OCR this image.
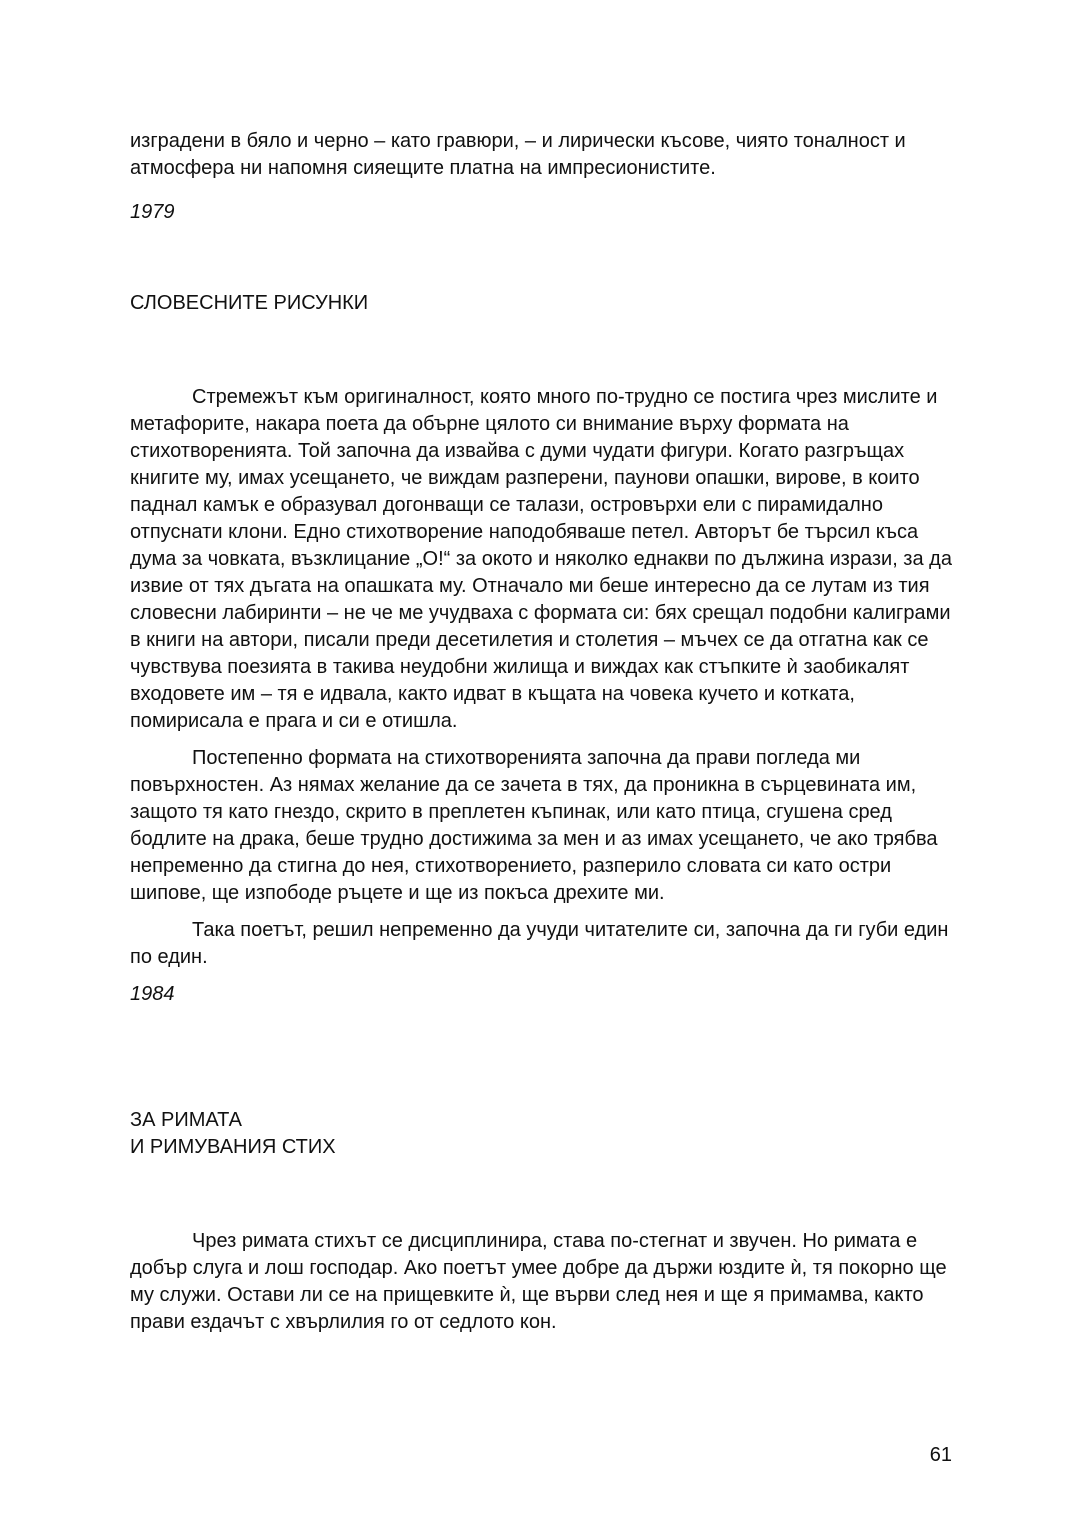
изградени в бяло и черно – като гравюри, – и лирически късове, чиято тоналност и атмосфера ни напомня сияещите платна на импресионистите.

1979

СЛОВЕСНИТЕ РИСУНКИ

Стремежът към оригиналност, която много по-трудно се постига чрез мислите и метафорите, накара поета да обърне цялото си внимание върху формата на стихотворенията. Той започна да извайва с думи чудати фигури. Когато разгръщах книгите му, имах усещането, че виждам разперени, паунови опашки, вирове, в които паднал камък е образувал догонващи се талази, островърхи ели с пирамидално отпуснати клони. Едно стихотворение наподобяваше петел. Авторът бе търсил къса дума за човката, възклицание „О!“ за окото и няколко еднакви по дължина изрази, за да извие от тях дъгата на опашката му. Отначало ми беше интересно да се лутам из тия словесни лабиринти – не че ме учудваха с формата си: бях срещал подобни калиграми в книги на автори, писали преди десетилетия и столетия – мъчех се да отгатна как се чувствува поезията в такива неудобни жилища и виждах как стъпките ѝ заобикалят входовете им – тя е идвала, както идват в къщата на човека кучето и котката, помирисала е прага и си е отишла.

Постепенно формата на стихотворенията започна да прави погледа ми повърхностен. Аз нямах желание да се зачета в тях, да проникна в сърцевината им, защото тя като гнездо, скрито в преплетен къпинак, или като птица, сгушена сред бодлите на драка, беше трудно достижима за мен и аз имах усещането, че ако трябва непременно да стигна до нея, стихотворението, разперило словата си като остри шипове, ще изпободе ръцете и ще из покъса дрехите ми.

Така поетът, решил непременно да учуди читателите си, започна да ги губи един по един.

1984

ЗА РИМАТА

И РИМУВАНИЯ СТИХ

Чрез римата стихът се дисциплинира, става по-стегнат и звучен. Но римата е добър слуга и лош господар. Ако поетът умее добре да държи юздите ѝ, тя покорно ще му служи. Остави ли се на прищевките ѝ, ще върви след нея и ще я примамва, както прави ездачът с хвърлилия го от седлото кон.

61
